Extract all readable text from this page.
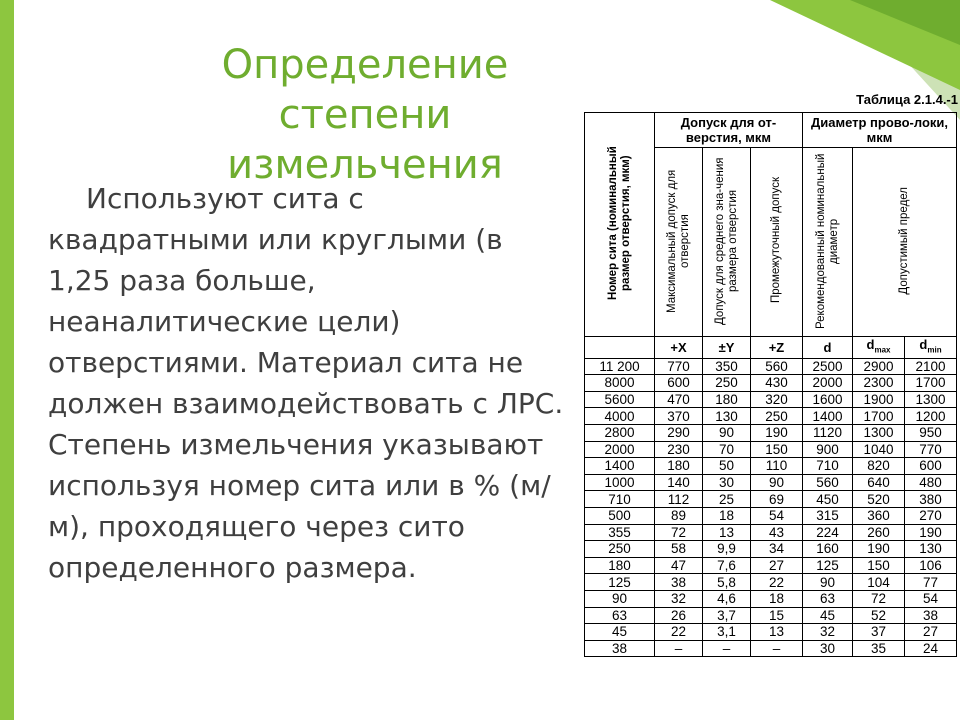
Определение степени
измельчения
Используют сита с квадратными или круглыми (в 1,25 раза больше, неаналитические цели) отверстиями. Материал сита не должен взаимодействовать с ЛРС. Степень измельчения указывают используя номер сита или в % (м/м), проходящего через сито определенного размера.
Таблица 2.1.4.-1
Номер сита (номинальный размер отверстия, мкм)	Допуск для от-верстия, мкм			Диаметр прово-локи, мкм		
	Максимальный допуск для отверстия	Допуск для среднего зна-чения размера отверстия	Промежуточный допуск	Рекомендованный номинальный диаметр	Допустимый предел	
	+X	±Y	+Z	d	$d_{max}$	$d_{min}$
11 200	770	350	560	2500	2900	2100
8000	600	250	430	2000	2300	1700
5600	470	180	320	1600	1900	1300
4000	370	130	250	1400	1700	1200
2800	290	90	190	1120	1300	950
2000	230	70	150	900	1040	770
1400	180	50	110	710	820	600
1000	140	30	90	560	640	480
710	112	25	69	450	520	380
500	89	18	54	315	360	270
355	72	13	43	224	260	190
250	58	9,9	34	160	190	130
180	47	7,6	27	125	150	106
125	38	5,8	22	90	104	77
90	32	4,6	18	63	72	54
63	26	3,7	15	45	52	38
45	22	3,1	13	32	37	27
38	–	–	–	30	35	24
